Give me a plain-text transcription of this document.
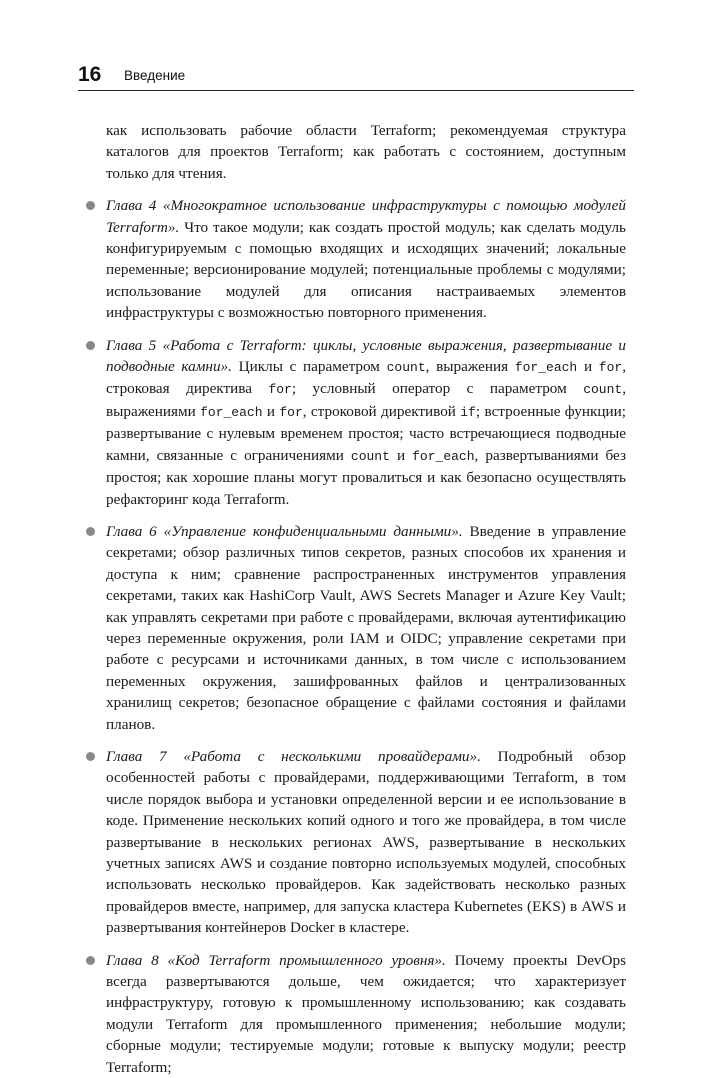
16 Введение
как использовать рабочие области Terraform; рекомендуемая структура каталогов для проектов Terraform; как работать с состоянием, доступным только для чтения.
Глава 4 «Многократное использование инфраструктуры с помощью модулей Terraform». Что такое модули; как создать простой модуль; как сделать модуль конфигурируемым с помощью входящих и исходящих значений; локальные переменные; версионирование модулей; потенциальные проблемы с модулями; использование модулей для описания настраиваемых элементов инфраструктуры с возможностью повторного применения.
Глава 5 «Работа с Terraform: циклы, условные выражения, развертывание и подводные камни». Циклы с параметром count, выражения for_each и for, строковая директива for; условный оператор с параметром count, выражениями for_each и for, строковой директивой if; встроенные функции; развертывание с нулевым временем простоя; часто встречающиеся подводные камни, связанные с ограничениями count и for_each, развертываниями без простоя; как хорошие планы могут провалиться и как безопасно осуществлять рефакторинг кода Terraform.
Глава 6 «Управление конфиденциальными данными». Введение в управление секретами; обзор различных типов секретов, разных способов их хранения и доступа к ним; сравнение распространенных инструментов управления секретами, таких как HashiCorp Vault, AWS Secrets Manager и Azure Key Vault; как управлять секретами при работе с провайдерами, включая аутентификацию через переменные окружения, роли IAM и OIDC; управление секретами при работе с ресурсами и источниками данных, в том числе с использованием переменных окружения, зашифрованных файлов и централизованных хранилищ секретов; безопасное обращение с файлами состояния и файлами планов.
Глава 7 «Работа с несколькими провайдерами». Подробный обзор особенностей работы с провайдерами, поддерживающими Terraform, в том числе порядок выбора и установки определенной версии и ее использование в коде. Применение нескольких копий одного и того же провайдера, в том числе развертывание в нескольких регионах AWS, развертывание в нескольких учетных записях AWS и создание повторно используемых модулей, способных использовать несколько провайдеров. Как задействовать несколько разных провайдеров вместе, например, для запуска кластера Kubernetes (EKS) в AWS и развертывания контейнеров Docker в кластере.
Глава 8 «Код Terraform промышленного уровня». Почему проекты DevOps всегда развертываются дольше, чем ожидается; что характеризует инфраструктуру, готовую к промышленному использованию; как создавать модули Terraform для промышленного применения; небольшие модули; сборные модули; тестируемые модули; готовые к выпуску модули; реестр Terraform;
